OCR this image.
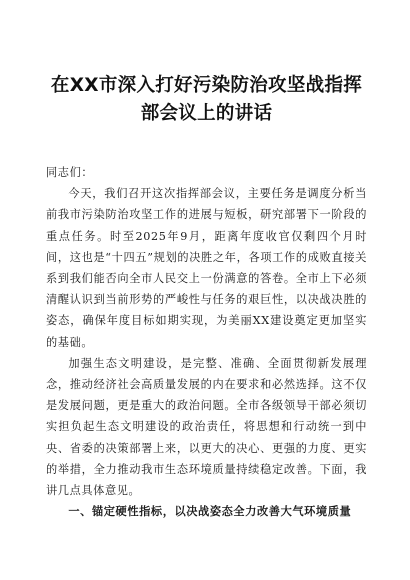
在XX市深入打好污染防治攻坚战指挥部会议上的讲话

同志们：

今天，我们召开这次指挥部会议，主要任务是调度分析当前我市污染防治攻坚工作的进展与短板，研究部署下一阶段的重点任务。时至2025年9月，距离年度收官仅剩四个月时间，这也是“十四五”规划的决胜之年，各项工作的成败直接关系到我们能否向全市人民交上一份满意的答卷。全市上下必须清醒认识到当前形势的严峻性与任务的艰巨性，以决战决胜的姿态，确保年度目标如期实现，为美丽XX建设奠定更加坚实的基础。

加强生态文明建设，是完整、准确、全面贯彻新发展理念，推动经济社会高质量发展的内在要求和必然选择。这不仅是发展问题，更是重大的政治问题。全市各级领导干部必须切实担负起生态文明建设的政治责任，将思想和行动统一到中央、省委的决策部署上来，以更大的决心、更强的力度、更实的举措，全力推动我市生态环境质量持续稳定改善。下面，我讲几点具体意见。

一、锚定硬性指标，以决战姿态全力改善大气环境质量
